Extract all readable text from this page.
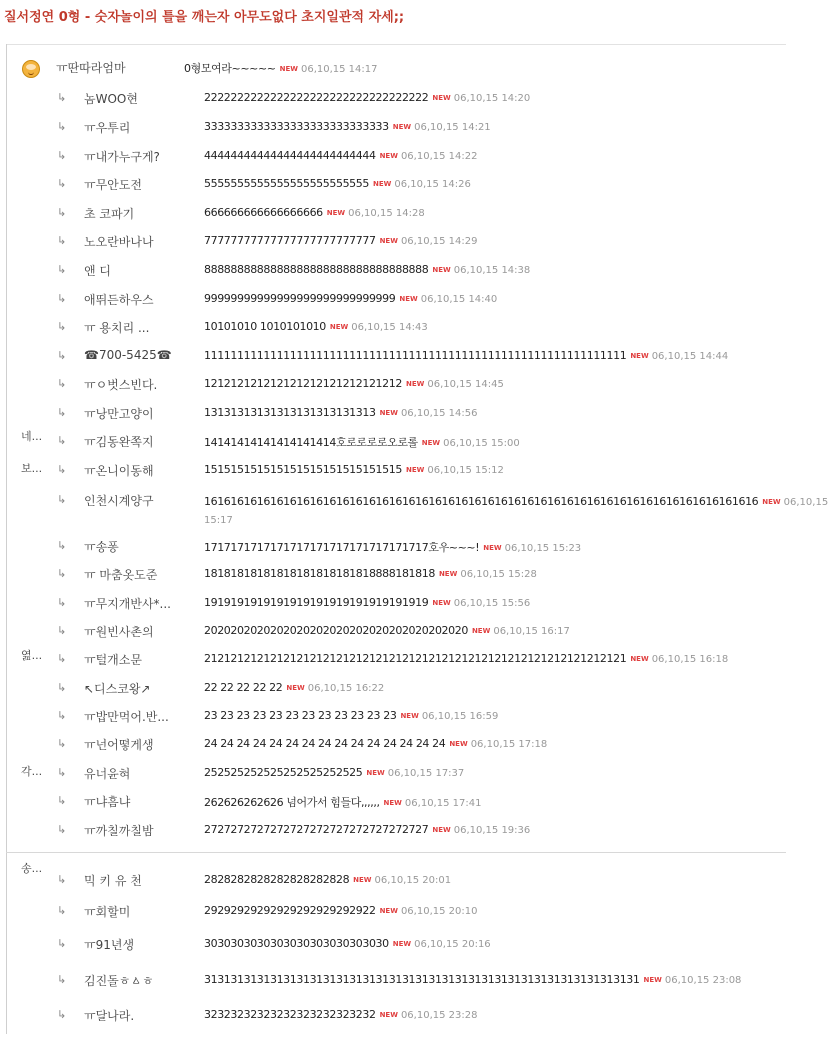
질서정연 0형 - 숫자놀이의 틀을 깨는자 아무도없다 초지일관적 자세;;
네...
보...
엺...
각...
송...
ㅠ딴따라엄마	0형모여라~~~~~ NEW 06,10,15 14:17
↳ 놈WOO현	2222222222222222222222222222222222 NEW 06,10,15 14:20
↳ ㅠ우투리	3333333333333333333333333333 NEW 06,10,15 14:21
↳ ㅠ내가누구게?	44444444444444444444444444 NEW 06,10,15 14:22
↳ ㅠ무안도전	5555555555555555555555555 NEW 06,10,15 14:26
↳ 초 코파기	666666666666666666 NEW 06,10,15 14:28
↳ 노오란바나나	77777777777777777777777777 NEW 06,10,15 14:29
↳ 앤 디	8888888888888888888888888888888888 NEW 06,10,15 14:38
↳ 애뛰든하우스	99999999999999999999999999999 NEW 06,10,15 14:40
↳ ㅠ 용치리 ...	10101010 1010101010 NEW 06,10,15 14:43
↳ ☎700-5425☎	1111111111111111111111111111111111111111111111111111111111111111 NEW 06,10,15 14:44
↳ ㅠㅇ벗스빈다.	121212121212121212121212121212 NEW 06,10,15 14:45
↳ ㅠ낭만고양이	13131313131313131313131313 NEW 06,10,15 14:56
↳ ㅠ김동완쪽지	14141414141414141414호로로로로오로롤 NEW 06,10,15 15:00
↳ ㅠ온니이동해	151515151515151515151515151515 NEW 06,10,15 15:12
↳ 인천시계양구	161616161616161616161616161616161616161616161616161616161616161616161616161616161616 NEW 06,10,15 15:17
↳ ㅠ송퐁	1717171717171717171717171717171717호우~~~! NEW 06,10,15 15:23
↳ ㅠ 마춤옷도준	18181818181818181818181818888181818 NEW 06,10,15 15:28
↳ ㅠ무지개반사*...	1919191919191919191919191919191919 NEW 06,10,15 15:56
↳ ㅠ원빈사촌의	2020202020202020202020202020202020202020 NEW 06,10,15 16:17
↳ ㅠ털개소문	2121212121212121212121212121212121212121212121212121212121212121 NEW 06,10,15 16:18
↳ ↖디스코왕↗	22 22 22 22 22 NEW 06,10,15 16:22
↳ ㅠ밥만먹어.반...	23 23 23 23 23 23 23 23 23 23 23 23 NEW 06,10,15 16:59
↳ ㅠ넌어떻게생	24 24 24 24 24 24 24 24 24 24 24 24 24 24 24 NEW 06,10,15 17:18
↳ 유너윤혀	252525252525252525252525 NEW 06,10,15 17:37
↳ ㅠ냐흠냐	262626262626 넘어가서 힘들다,,,,,, NEW 06,10,15 17:41
↳ ㅠ까칠까칠밤	2727272727272727272727272727272727 NEW 06,10,15 19:36
↳ 믹 키 유 천	2828282828282828282828 NEW 06,10,15 20:01
↳ ㅠ회할미	29292929292929292929292922 NEW 06,10,15 20:10
↳ ㅠ91년생	3030303030303030303030303030 NEW 06,10,15 20:16
↳ 김진돌ㅎㅿㅎ	313131313131313131313131313131313131313131313131313131313131313131 NEW 06,10,15 23:08
↳ ㅠ달나라.	32323232323232323232323232 NEW 06,10,15 23:28
